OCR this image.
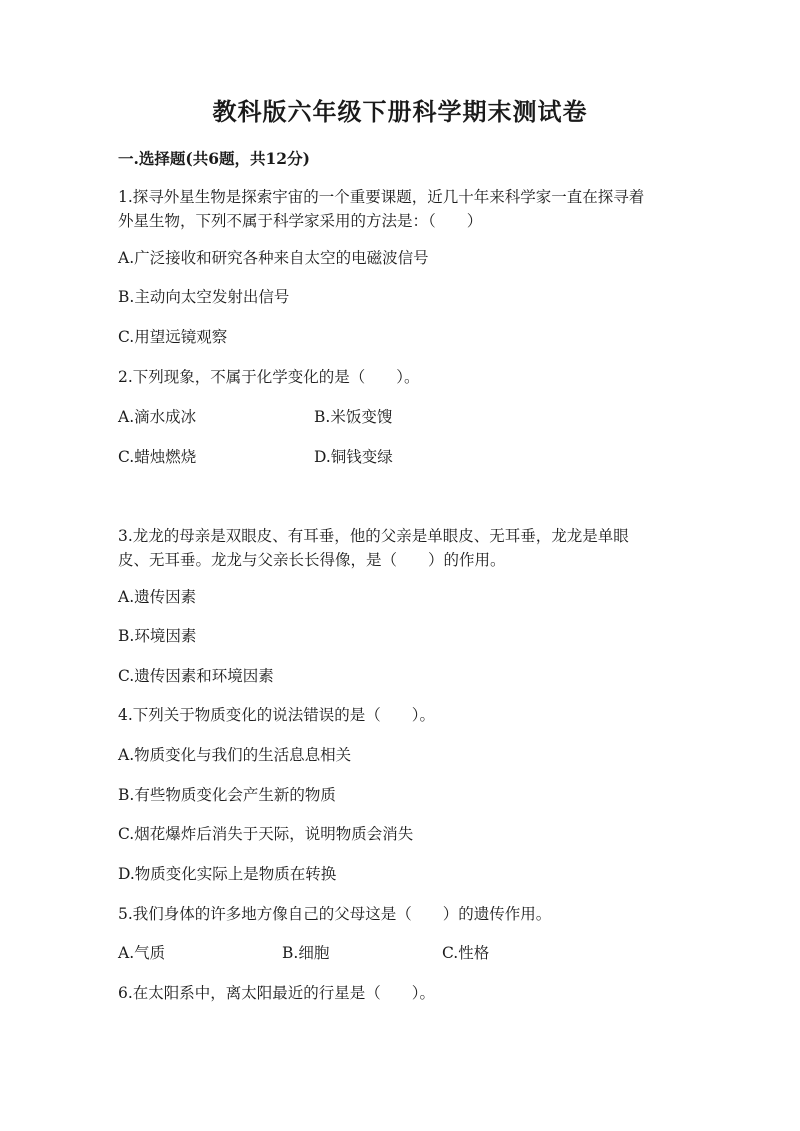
教科版六年级下册科学期末测试卷
一.选择题(共6题，共12分)
1.探寻外星生物是探索宇宙的一个重要课题，近几十年来科学家一直在探寻着
外星生物，下列不属于科学家采用的方法是：（　　）
A.广泛接收和研究各种来自太空的电磁波信号
B.主动向太空发射出信号
C.用望远镜观察
2.下列现象，不属于化学变化的是（　　）。
A.滴水成冰	B.米饭变馊
C.蜡烛燃烧	D.铜钱变绿
3.龙龙的母亲是双眼皮、有耳垂，他的父亲是单眼皮、无耳垂，龙龙是单眼
皮、无耳垂。龙龙与父亲长长得像，是（　　）的作用。
A.遗传因素
B.环境因素
C.遗传因素和环境因素
4.下列关于物质变化的说法错误的是（　　）。
A.物质变化与我们的生活息息相关
B.有些物质变化会产生新的物质
C.烟花爆炸后消失于天际，说明物质会消失
D.物质变化实际上是物质在转换
5.我们身体的许多地方像自己的父母这是（　　）的遗传作用。
A.气质	B.细胞	C.性格
6.在太阳系中，离太阳最近的行星是（　　）。
